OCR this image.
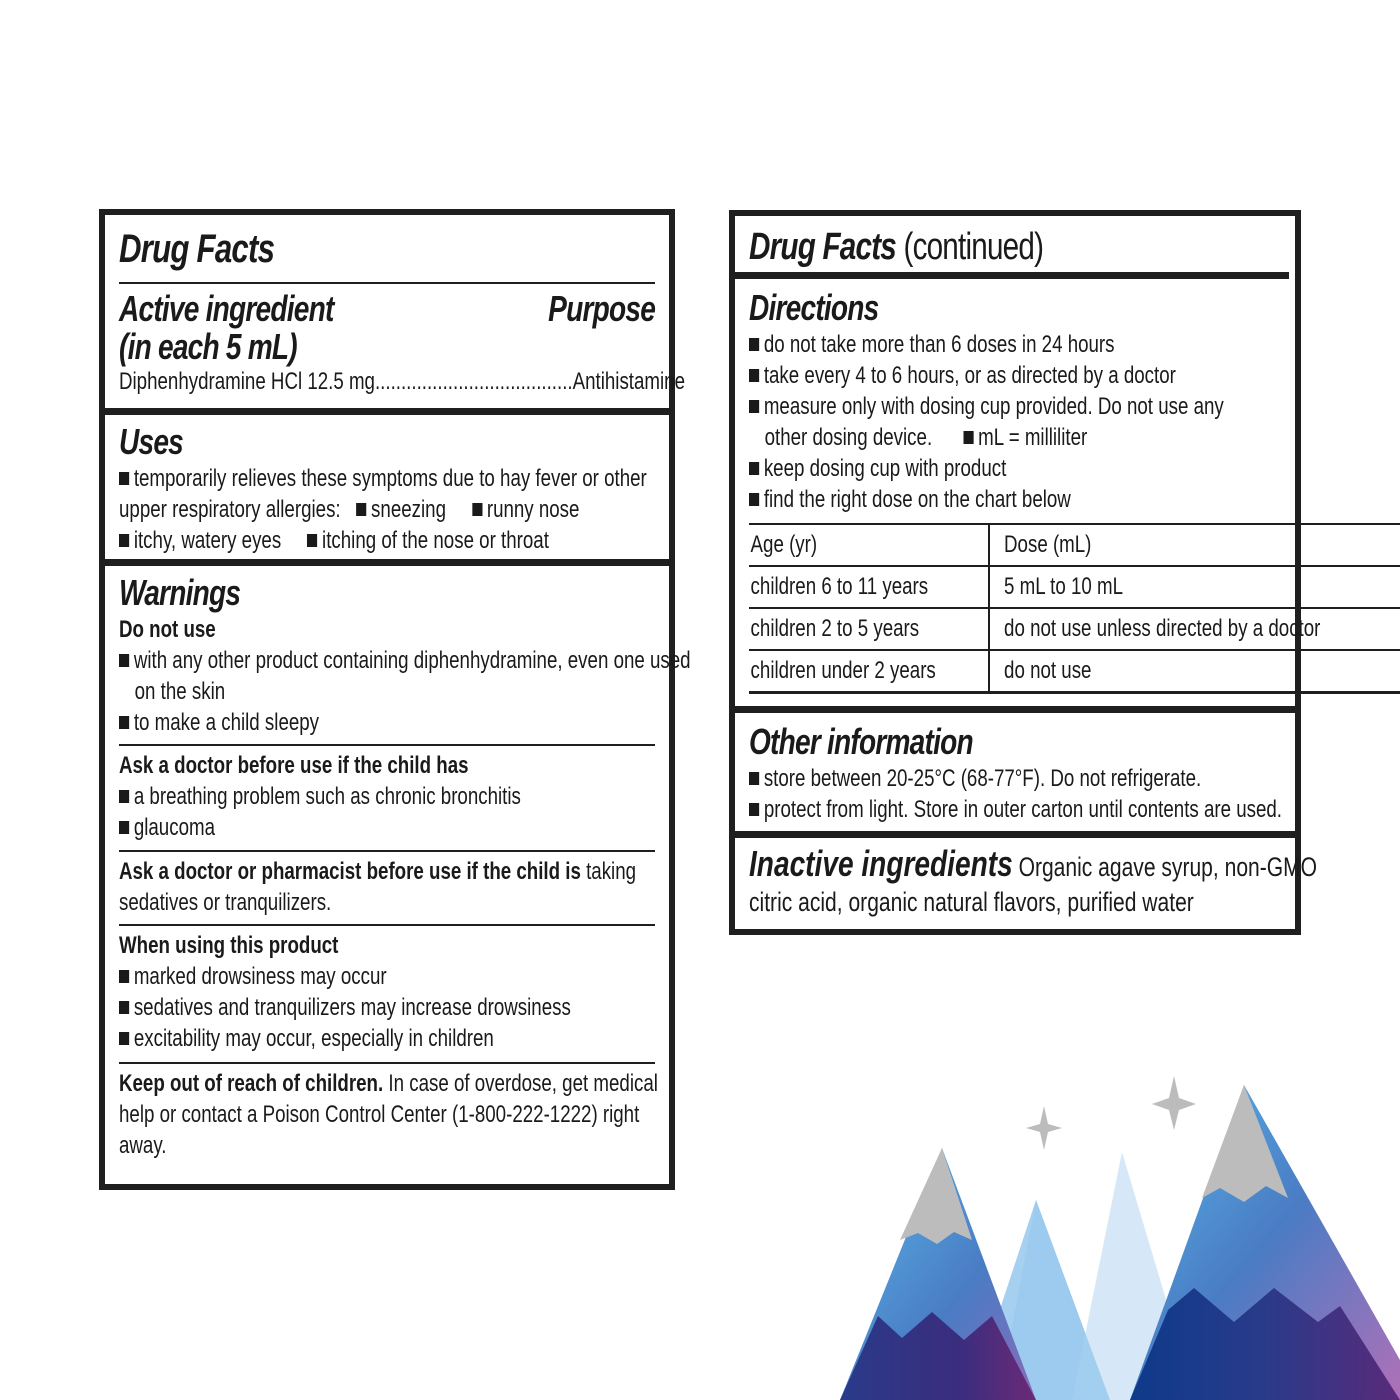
Drug Facts
Active ingredient
(in each 5 mL)
Purpose
Diphenhydramine HCl 12.5 mg......................................Antihistamine
Uses
temporarily relieves these symptoms due to hay fever or other
upper respiratory allergies: sneezing runny nose
itchy, watery eyes itching of the nose or throat
Warnings
Do not use
with any other product containing diphenhydramine, even one used
on the skin
to make a child sleepy
Ask a doctor before use if the child has
a breathing problem such as chronic bronchitis
glaucoma
Ask a doctor or pharmacist before use if the child is taking
sedatives or tranquilizers.
When using this product
marked drowsiness may occur
sedatives and tranquilizers may increase drowsiness
excitability may occur, especially in children
Keep out of reach of children. In case of overdose, get medical
help or contact a Poison Control Center (1-800-222-1222) right
away.
Drug Facts (continued)
Directions
do not take more than 6 doses in 24 hours
take every 4 to 6 hours, or as directed by a doctor
measure only with dosing cup provided. Do not use any
other dosing device. mL = milliliter
keep dosing cup with product
find the right dose on the chart below
Age (yr)	Dose (mL)
children 6 to 11 years	5 mL to 10 mL
children 2 to 5 years	do not use unless directed by a doctor
children under 2 years	do not use
Other information
store between 20-25°C (68-77°F). Do not refrigerate.
protect from light. Store in outer carton until contents are used.
Inactive ingredients Organic agave syrup, non-GMO
citric acid, organic natural flavors, purified water
